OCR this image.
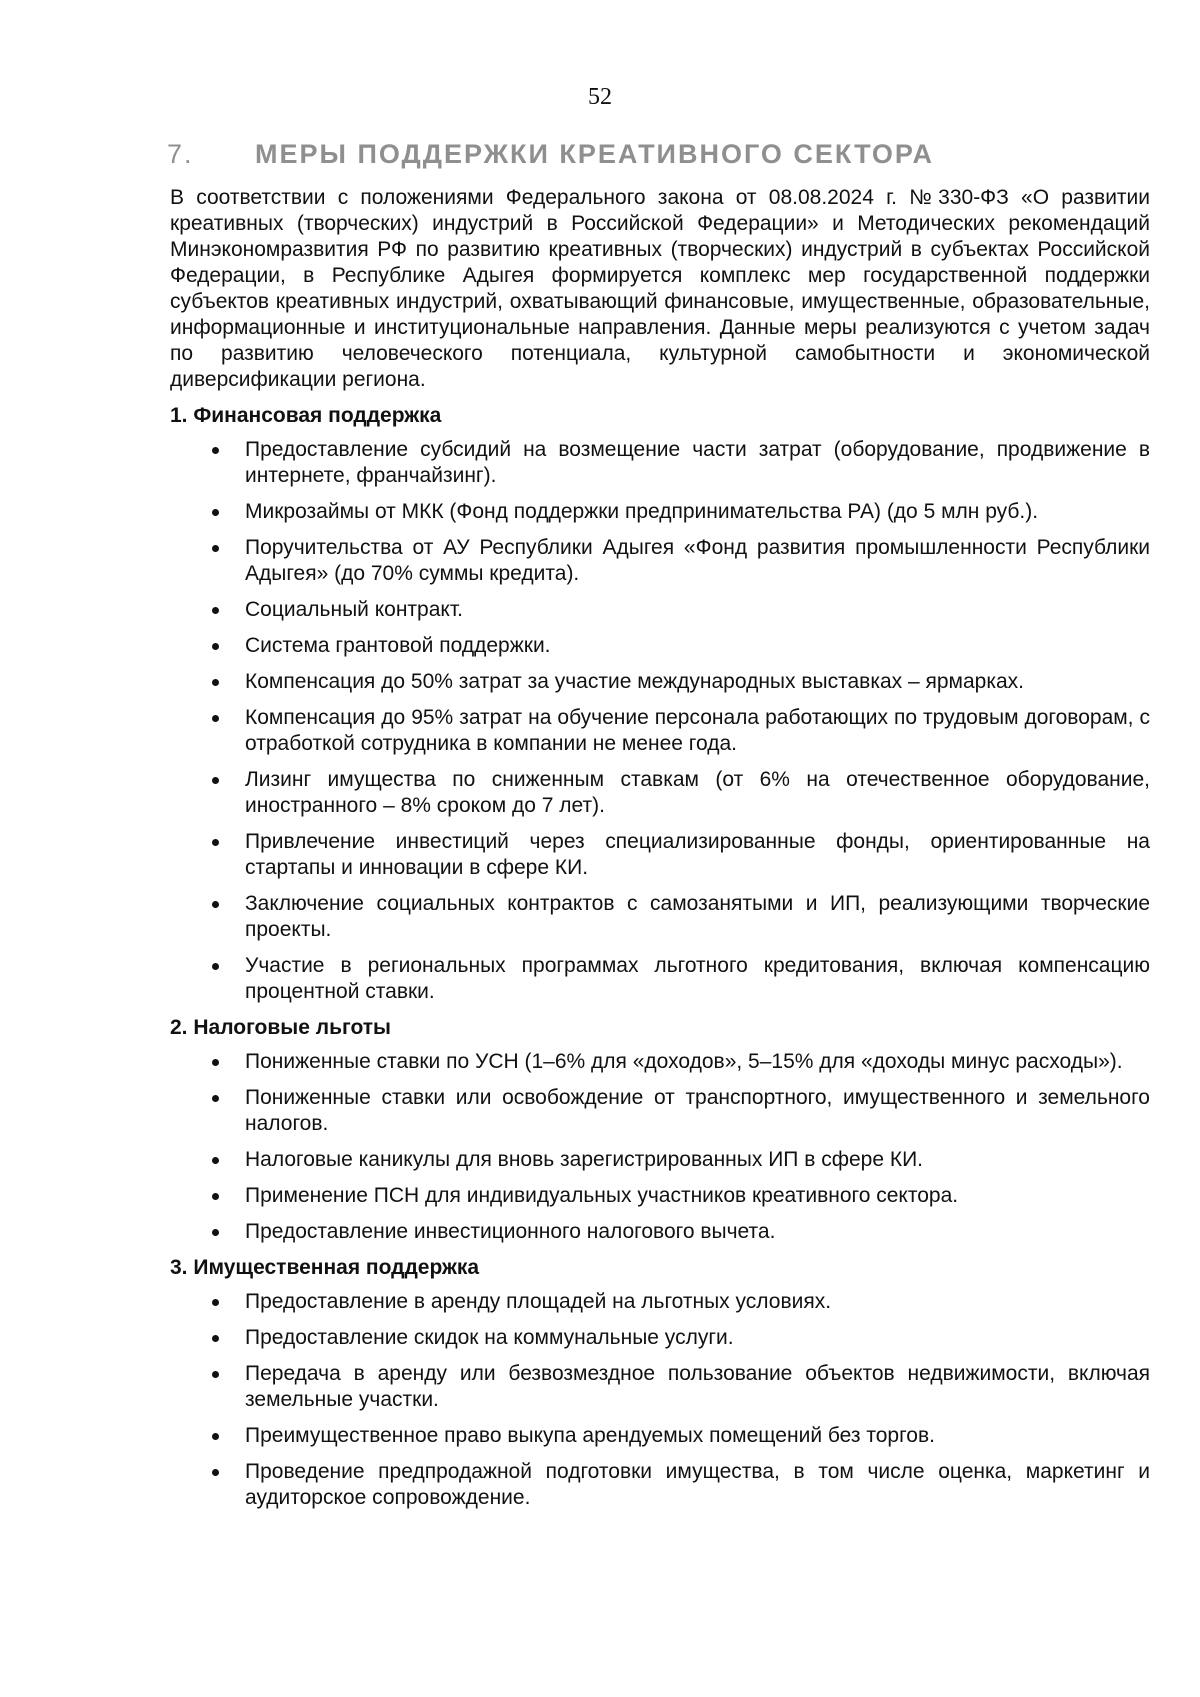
52
7. МЕРЫ ПОДДЕРЖКИ КРЕАТИВНОГО СЕКТОРА

В соответствии с положениями Федерального закона от 08.08.2024 г. №330-ФЗ «О развитии креативных (творческих) индустрий в Российской Федерации» и Методических рекомендаций Минэкономразвития РФ по развитию креативных (творческих) индустрий в субъектах Российской Федерации, в Республике Адыгея формируется комплекс мер государственной поддержки субъектов креативных индустрий, охватывающий финансовые, имущественные, образовательные, информационные и институциональные направления. Данные меры реализуются с учетом задач по развитию человеческого потенциала, культурной самобытности и экономической диверсификации региона.

1. Финансовая поддержка
Предоставление субсидий на возмещение части затрат (оборудование, продвижение в интернете, франчайзинг).
Микрозаймы от МКК (Фонд поддержки предпринимательства РА) (до 5 млн руб.).
Поручительства от АУ Республики Адыгея «Фонд развития промышленности Республики Адыгея» (до 70% суммы кредита).
Социальный контракт.
Система грантовой поддержки.
Компенсация до 50% затрат за участие международных выставках – ярмарках.
Компенсация до 95% затрат на обучение персонала работающих по трудовым договорам, с отработкой сотрудника в компании не менее года.
Лизинг имущества по сниженным ставкам (от 6% на отечественное оборудование, иностранного – 8% сроком до 7 лет).
Привлечение инвестиций через специализированные фонды, ориентированные на стартапы и инновации в сфере КИ.
Заключение социальных контрактов с самозанятыми и ИП, реализующими творческие проекты.
Участие в региональных программах льготного кредитования, включая компенсацию процентной ставки.
2. Налоговые льготы
Пониженные ставки по УСН (1–6% для «доходов», 5–15% для «доходы минус расходы»).
Пониженные ставки или освобождение от транспортного, имущественного и земельного налогов.
Налоговые каникулы для вновь зарегистрированных ИП в сфере КИ.
Применение ПСН для индивидуальных участников креативного сектора.
Предоставление инвестиционного налогового вычета.
3. Имущественная поддержка
Предоставление в аренду площадей на льготных условиях.
Предоставление скидок на коммунальные услуги.
Передача в аренду или безвозмездное пользование объектов недвижимости, включая земельные участки.
Преимущественное право выкупа арендуемых помещений без торгов.
Проведение предпродажной подготовки имущества, в том числе оценка, маркетинг и аудиторское сопровождение.
